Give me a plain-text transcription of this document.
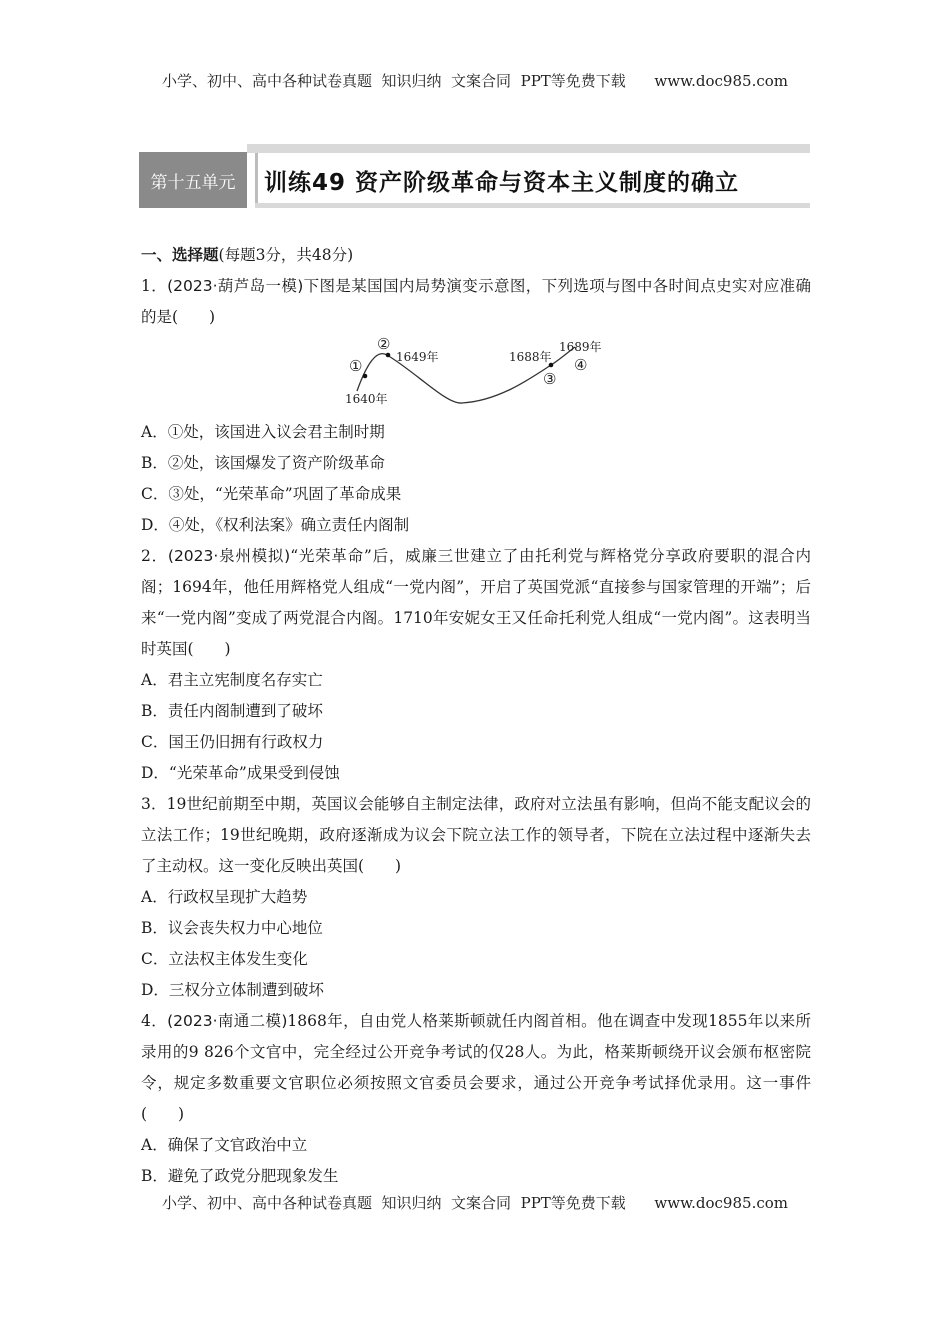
小学、初中、高中各种试卷真题  知识归纳  文案合同  PPT等免费下载      www.doc985.com
第十五单元	训练49 资产阶级革命与资本主义制度的确立

一、选择题(每题3分，共48分)

1．(2023·葫芦岛一模)下图是某国国内局势演变示意图，下列选项与图中各时间点史实对应准确的是(　　)

①
②
③
④
1640年
1649年	1688年
1689年

A．①处，该国进入议会君主制时期

B．②处，该国爆发了资产阶级革命

C．③处，“光荣革命”巩固了革命成果

D．④处，《权利法案》确立责任内阁制

2．(2023·泉州模拟)“光荣革命”后，威廉三世建立了由托利党与辉格党分享政府要职的混合内阁；1694年，他任用辉格党人组成“一党内阁”，开启了英国党派“直接参与国家管理的开端”；后来“一党内阁”变成了两党混合内阁。1710年安妮女王又任命托利党人组成“一党内阁”。这表明当时英国(　　)

A．君主立宪制度名存实亡

B．责任内阁制遭到了破坏

C．国王仍旧拥有行政权力

D．“光荣革命”成果受到侵蚀

3．19世纪前期至中期，英国议会能够自主制定法律，政府对立法虽有影响，但尚不能支配议会的立法工作；19世纪晚期，政府逐渐成为议会下院立法工作的领导者，下院在立法过程中逐渐失去了主动权。这一变化反映出英国(　　)

A．行政权呈现扩大趋势

B．议会丧失权力中心地位

C．立法权主体发生变化

D．三权分立体制遭到破坏

4．(2023·南通二模)1868年，自由党人格莱斯顿就任内阁首相。他在调查中发现1855年以来所录用的9 826个文官中，完全经过公开竞争考试的仅28人。为此，格莱斯顿绕开议会颁布枢密院令，规定多数重要文官职位必须按照文官委员会要求，通过公开竞争考试择优录用。这一事件(　　)

A．确保了文官政治中立

B．避免了政党分肥现象发生

小学、初中、高中各种试卷真题  知识归纳  文案合同  PPT等免费下载      www.doc985.com
